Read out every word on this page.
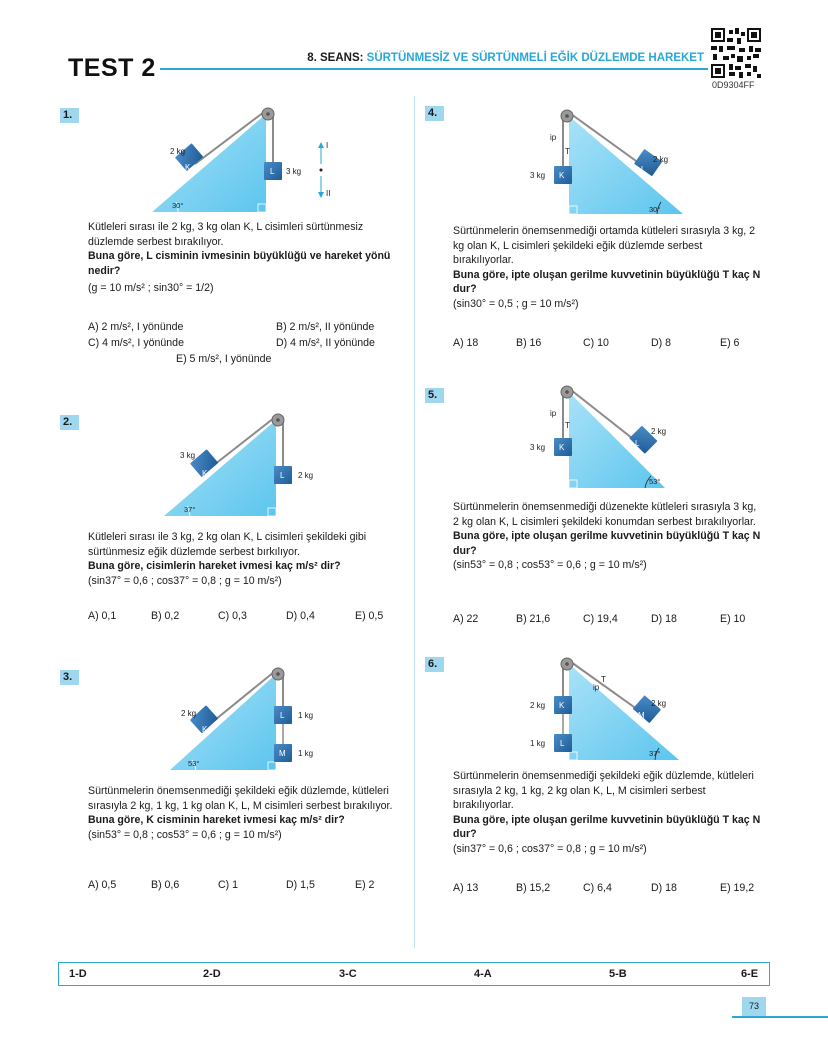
TEST 2	8. SEANS: SÜRTÜNMESİZ VE SÜRTÜNMELİ EĞİK DÜZLEMDE HAREKET
0D9304FF
1.
K
2 kg
L 3 kg
30°
I
II

Kütleleri sırası ile 2 kg, 3 kg olan K, L cisimleri sürtünmesiz düzlemde serbest bırakılıyor.

Buna göre, L cisminin ivmesinin büyüklüğü ve hareket yönü nedir?

(g = 10 m/s² ; sin30° = 1/2)

A) 2 m/s², I yönünde	B) 2 m/s², II yönünde
C) 4 m/s², I yönünde	D) 4 m/s², II yönünde
E) 5 m/s², I yönünde
2.
K
3 kg
L 2 kg
37°

Kütleleri sırası ile 3 kg, 2 kg olan K, L cisimleri şekildeki gibi sürtünmesiz eğik düzlemde serbest bırkılıyor.

Buna göre, cisimlerin hareket ivmesi kaç m/s² dir?

(sin37° = 0,6 ; cos37° = 0,8 ; g = 10 m/s²)

A) 0,1	B) 0,2	C) 0,3	D) 0,4	E) 0,5
3.
K
2 kg	L 1 kg
M 1 kg
53°

Sürtünmelerin önemsenmediği şekildeki eğik düzlemde, kütleleri sırasıyla 2 kg, 1 kg, 1 kg olan K, L, M cisimleri serbest bırakılıyor.

Buna göre, K cisminin hareket ivmesi kaç m/s² dir?

(sin53° = 0,8 ; cos53° = 0,6 ; g = 10 m/s²)

A) 0,5	B) 0,6	C) 1	D) 1,5	E) 2
4.
ip
T
K
3 kg
L
2 kg
30°

Sürtünmelerin önemsenmediği ortamda kütleleri sırasıyla 3 kg, 2 kg olan K, L cisimleri şekildeki eğik düzlemde serbest bırakılıyorlar.

Buna göre, ipte oluşan gerilme kuvvetinin büyüklüğü T kaç N dur?

(sin30° = 0,5 ; g = 10 m/s²)

A) 18	B) 16	C) 10	D) 8	E) 6
5.
ip
T
K
3 kg	L
2 kg
53°

Sürtünmelerin önemsenmediği düzenekte kütleleri sırasıyla 3 kg, 2 kg olan K, L cisimleri şekildeki konumdan serbest bırakılıyorlar.

Buna göre, ipte oluşan gerilme kuvvetinin büyüklüğü T kaç N dur?

(sin53° = 0,8 ; cos53° = 0,6 ; g = 10 m/s²)

A) 22	B) 21,6	C) 19,4	D) 18	E) 10
6.
T
ip
K
2 kg
L
1 kg
M
2 kg
37°

Sürtünmelerin önemsenmediği şekildeki eğik düzlemde, kütleleri sırasıyla 2 kg, 1 kg, 2 kg olan K, L, M cisimleri serbest bırakılıyorlar.

Buna göre, ipte oluşan gerilme kuvvetinin büyüklüğü T kaç N dur?

(sin37° = 0,6 ; cos37° = 0,8 ; g = 10 m/s²)

A) 13	B) 15,2	C) 6,4	D) 18	E) 19,2
1-D	2-D	3-C	4-A	5-B	6-E
73
